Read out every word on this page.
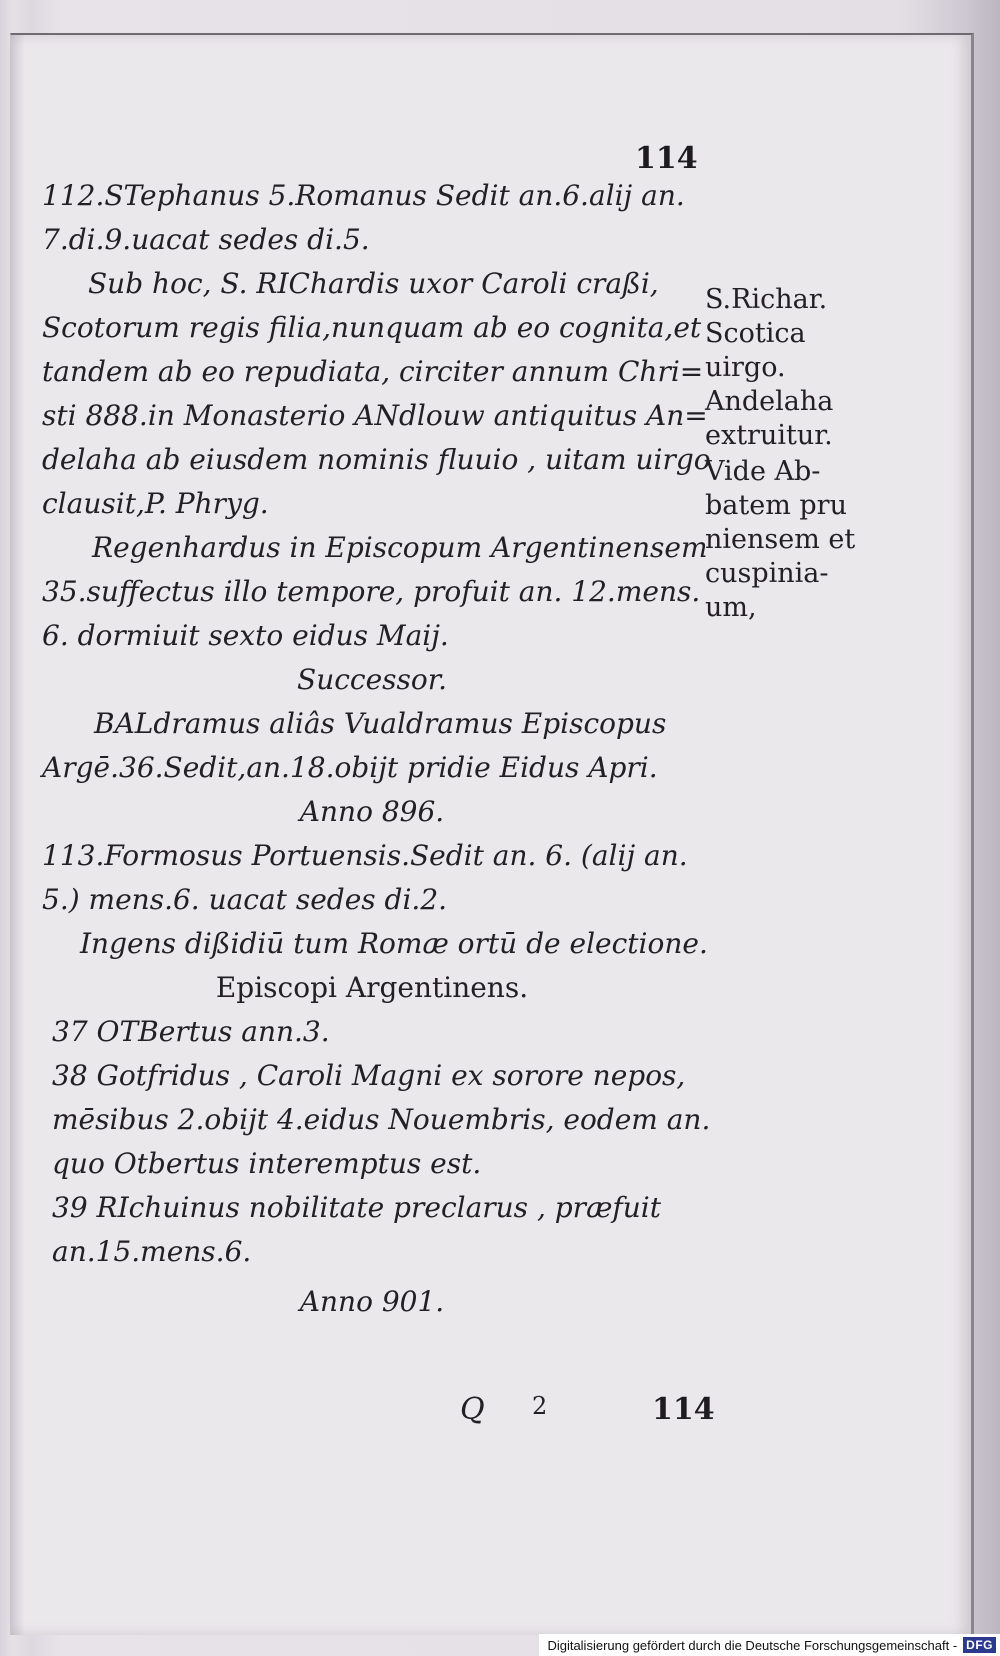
114
112.STephanus 5.Romanus Sedit an.6.alij an.
7.di.9.uacat sedes di.5.
Sub hoc, S. RIChardis uxor Caroli craßi,
Scotorum regis filia,nunquam ab eo cognita,et
tandem ab eo repudiata, circiter annum Chri=
sti 888.in Monasterio ANdlouw antiquitus An=
delaha ab eiusdem nominis fluuio , uitam uirgo
clausit,P. Phryg.
Regenhardus in Episcopum Argentinensem
35.suffectus illo tempore, profuit an. 12.mens.
6. dormiuit sexto eidus Maij.
Successor.
BALdramus aliâs Vualdramus Episcopus
Argē.36.Sedit,an.18.obijt pridie Eidus Apri.
Anno 896.
113.Formosus Portuensis.Sedit an. 6. (alij an.
5.) mens.6. uacat sedes di.2.
Ingens dißidiū tum Romæ ortū de electione.
Episcopi Argentinens.
37 OTBertus ann.3.
38 Gotfridus , Caroli Magni ex sorore nepos,
mēsibus 2.obijt 4.eidus Nouembris, eodem an.
quo Otbertus interemptus est.
39 RIchuinus nobilitate preclarus , præfuit
an.15.mens.6.
Anno 901.
S.Richar.
Scotica
uirgo.
Andelaha
extruitur.
Vide Ab-
batem pru
niensem et
cuspinia-
um,
Q 2	114
Digitalisierung gefördert durch die Deutsche Forschungsgemeinschaft - DFG
